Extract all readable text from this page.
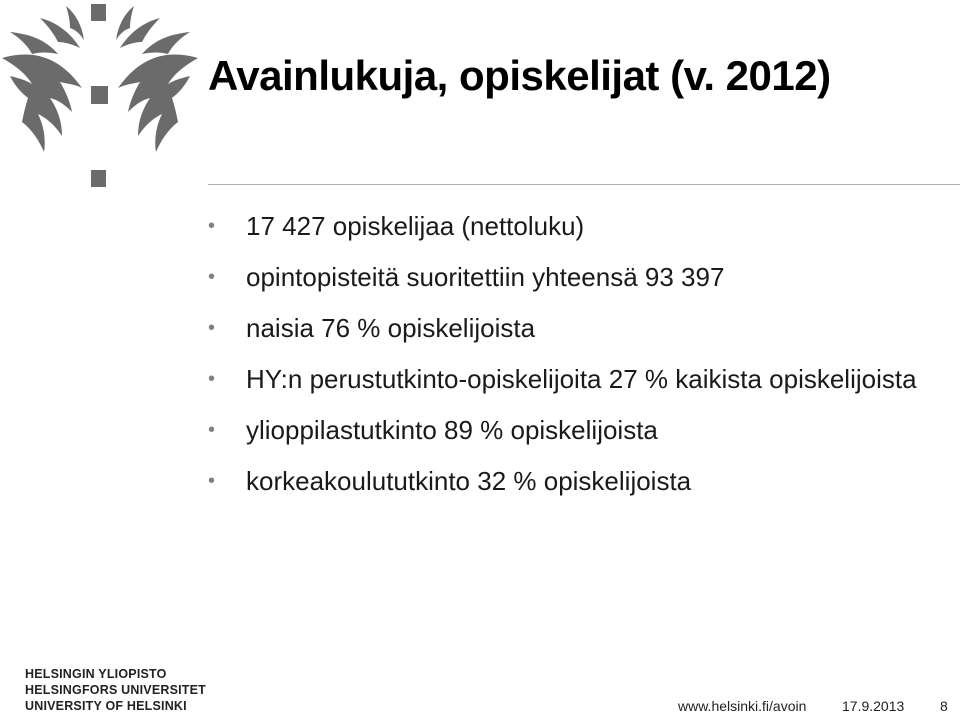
Avainlukuja, opiskelijat (v. 2012)
• 17 427 opiskelijaa (nettoluku)
• opintopisteitä suoritettiin yhteensä 93 397
• naisia 76 % opiskelijoista
• HY:n perustutkinto-opiskelijoita 27 % kaikista opiskelijoista
• ylioppilastutkinto 89 % opiskelijoista
• korkeakoulututkinto 32 % opiskelijoista
HELSINGIN YLIOPISTO
HELSINGFORS UNIVERSITET
UNIVERSITY OF HELSINKI	www.helsinki.fi/avoin	17.9.2013	8
